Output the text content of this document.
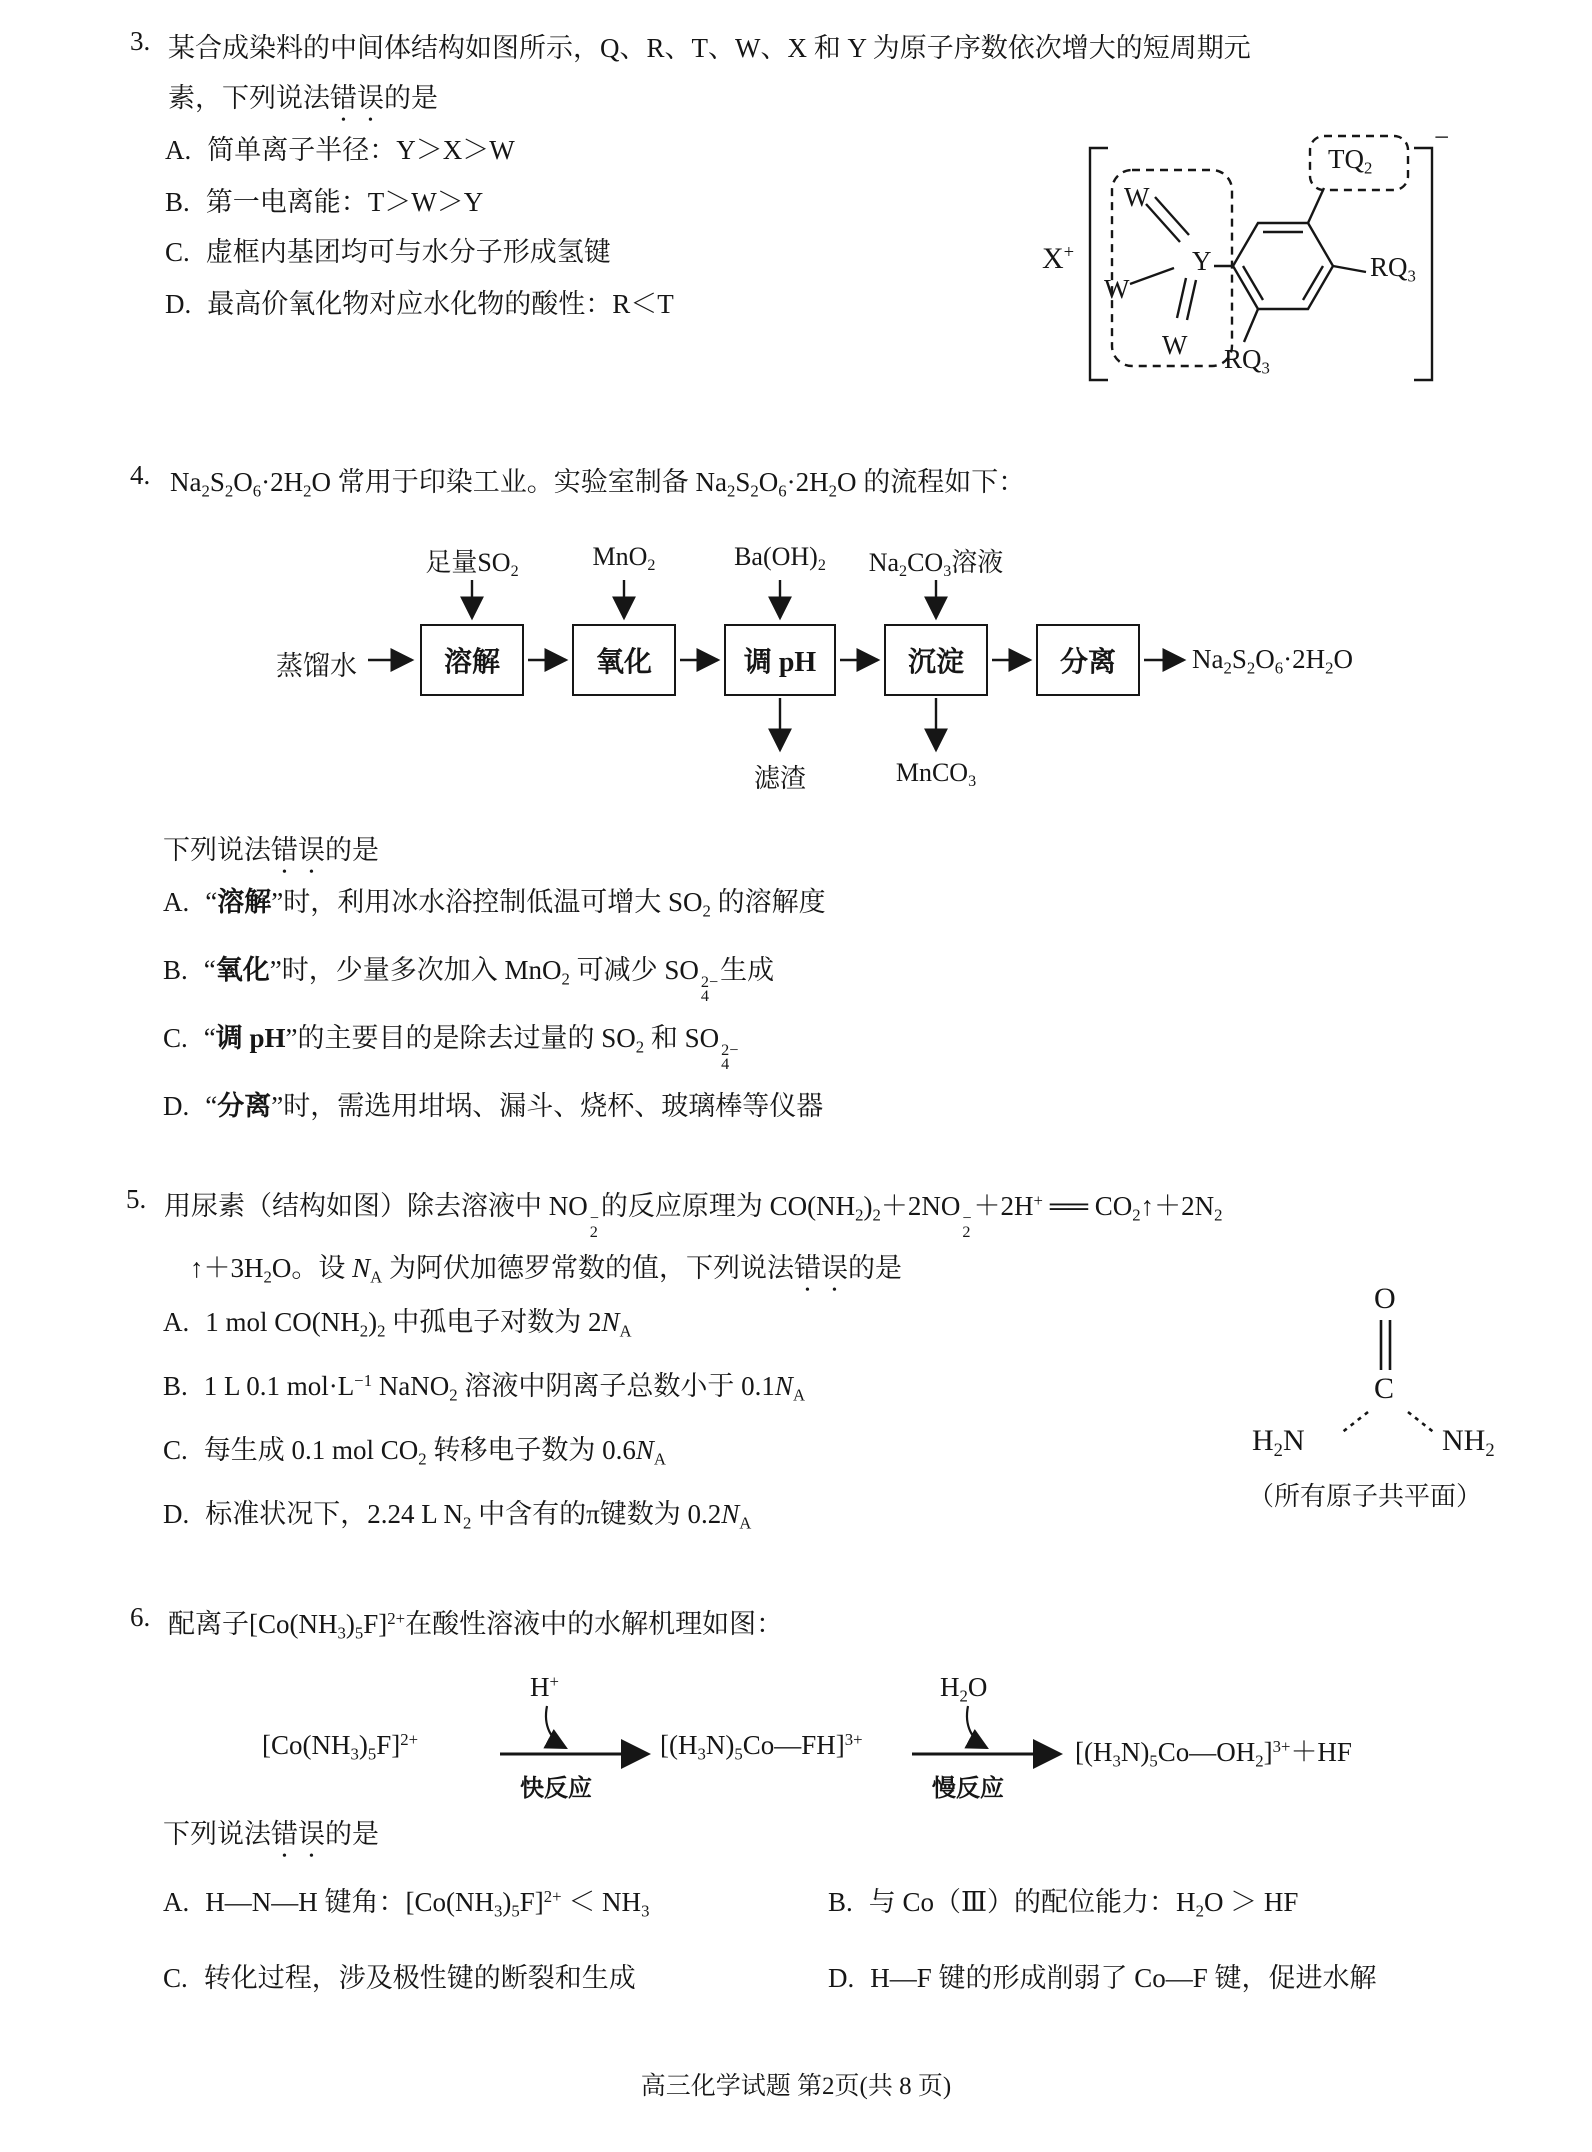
3. 某合成染料的中间体结构如图所示，Q、R、T、W、X 和 Y 为原子序数依次增大的短周期元
素，下列说法错误的是
A. 简单离子半径：Y＞X＞W
B. 第一电离能：T＞W＞Y
C. 虚框内基团均可与水分子形成氢键
D. 最高价氧化物对应水化物的酸性：R＜T
X+
−
W
W
W
Y
$TQ_2$
$RQ_3$
$RQ_3$
4. $Na_2S_2O_6\cdot 2H_2O$ 常用于印染工业。实验室制备 $Na_2S_2O_6\cdot 2H_2O$ 的流程如下：
足量$SO_2$
MnO$_2$	$Ba(OH)_2$ $Na_2CO_3$溶液
蒸馏水	溶解	氧化	调 pH	沉淀	分离	$Na_2S_2O_6\cdot 2H_2O$
滤渣	MnCO$_3$
下列说法错误的是
A. “溶解”时，利用冰水浴控制低温可增大 $SO_2$ 的溶解度
B. “氧化”时，少量多次加入 MnO$_2$ 可减少 SO 2−
4
生成
C. “调 pH”的主要目的是除去过量的 $SO_2$ 和 SO 2−
4
D. “分离”时，需选用坩埚、漏斗、烧杯、玻璃棒等仪器
5. 用尿素（结构如图）除去溶液中 NO −
2
的反应原理为 $CO(NH_2)_2+2NO$ −
2
＋2H+ ══ $CO_2↑+2N_2$
$↑+3H_2O$。设 $N_A$ 为阿伏加德罗常数的值，下列说法错误的是
A. 1 mol $CO(NH_2)_2$ 中孤电子对数为 $2N_A$
B. 1 L 0.1 $mol\cdot L^{-1}$ NaNO$_2$ 溶液中阴离子总数小于 $0.1N_A$
C. 每生成 0.1 mol $CO_2$ 转移电子数为 $0.6N_A$
D. 标准状况下，2.24 L $N_2$ 中含有的π键数为 $0.2N_A$
O
C
$H_2N$	$NH_2$
（所有原子共平面）
6. 配离子$[Co(NH_3)_5F]^{2+}$在酸性溶液中的水解机理如图：
$[Co(NH_3)_5F]^{2+}$
H+
快反应
$[(H_3N)_5Co—FH]^{3+}$
$H_2O$
慢反应
$[(H_3N)_5Co—OH_2]^{3+}+HF$
下列说法错误的是
A. H—N—H 键角：$[Co(NH_3)_5F]^{2+} < NH_3$	B. 与 Co（Ⅲ）的配位能力：$H_2O$ ＞ HF
C. 转化过程，涉及极性键的断裂和生成	D. H—F 键的形成削弱了 Co—F 键，促进水解
高三化学试题 第2页(共 8 页)
